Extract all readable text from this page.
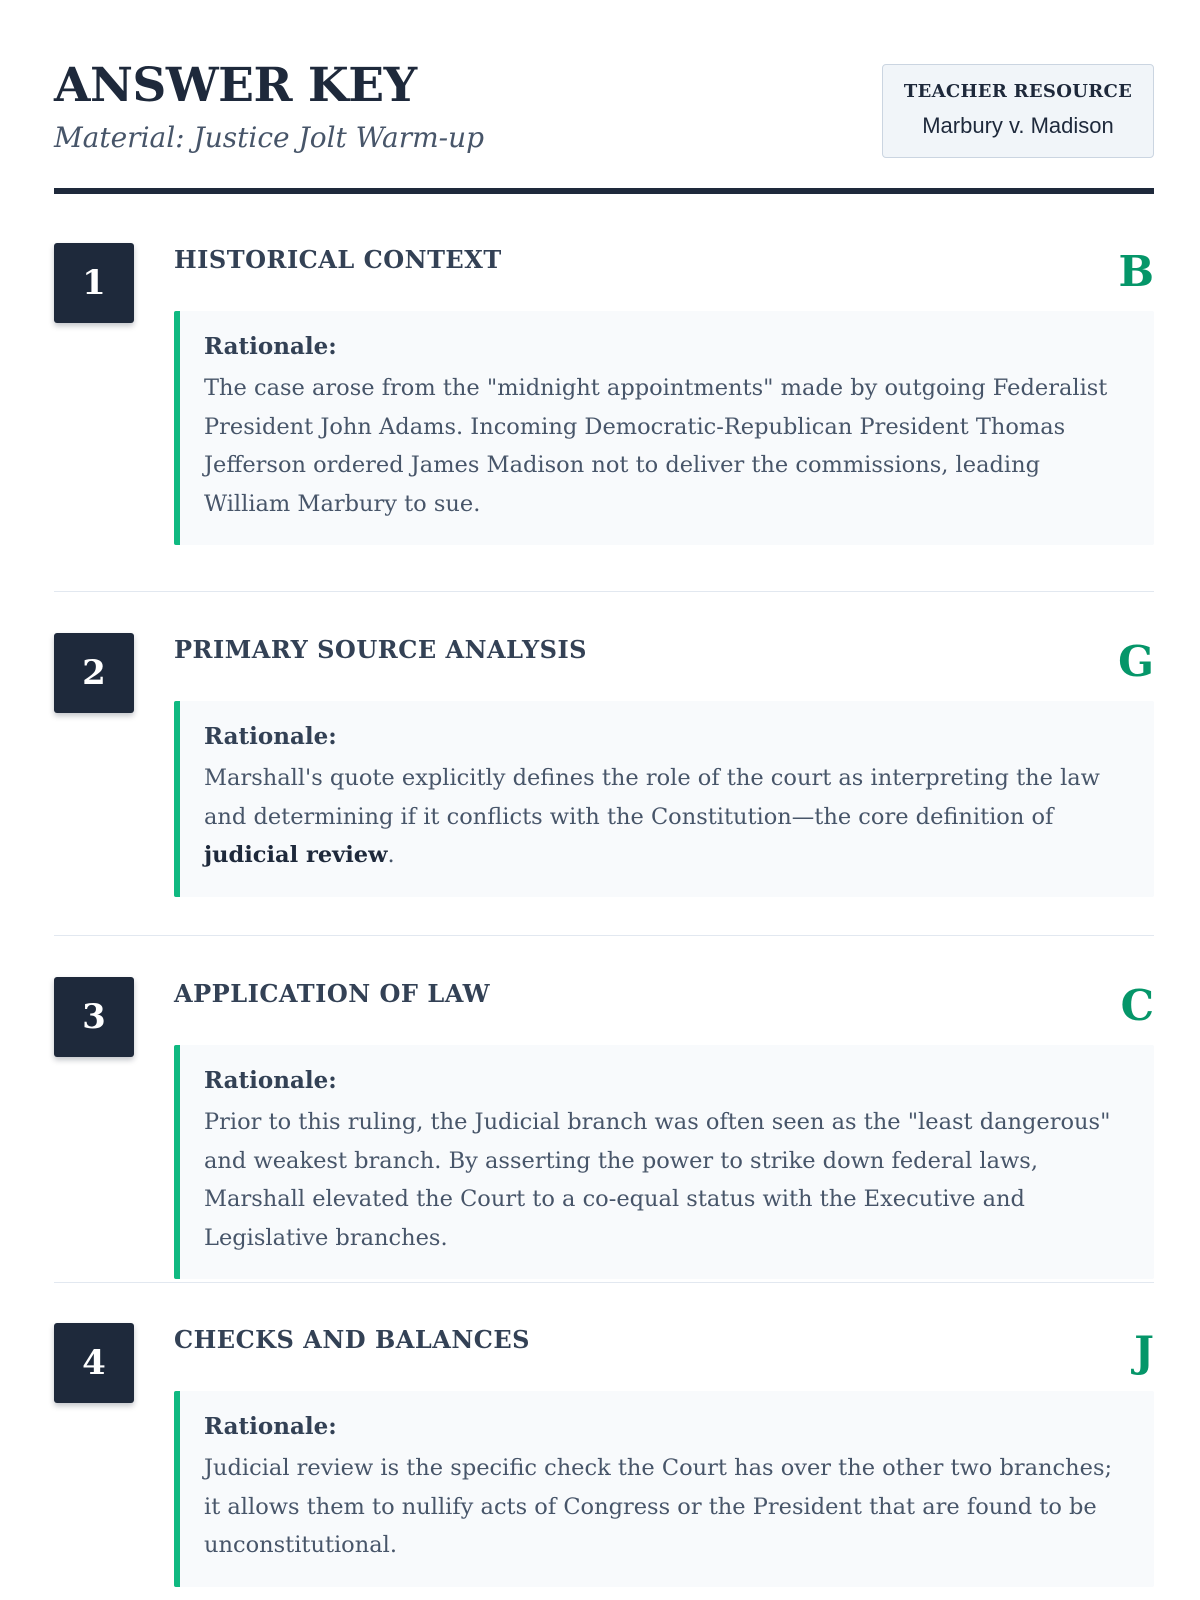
ANSWER KEY
Material: Justice Jolt Warm-up
TEACHER RESOURCE
Marbury v. Madison
1
HISTORICAL CONTEXT	B
Rationale:
The case arose from the "midnight appointments" made by outgoing Federalist President John Adams. Incoming Democratic-Republican President Thomas Jefferson ordered James Madison not to deliver the commissions, leading William Marbury to sue.
2
PRIMARY SOURCE ANALYSIS	G
Rationale:
Marshall's quote explicitly defines the role of the court as interpreting the law and determining if it conflicts with the Constitution—the core definition of judicial review.
3
APPLICATION OF LAW	C
Rationale:
Prior to this ruling, the Judicial branch was often seen as the "least dangerous" and weakest branch. By asserting the power to strike down federal laws, Marshall elevated the Court to a co-equal status with the Executive and Legislative branches.
4
CHECKS AND BALANCES	J
Rationale:
Judicial review is the specific check the Court has over the other two branches; it allows them to nullify acts of Congress or the President that are found to be unconstitutional.
